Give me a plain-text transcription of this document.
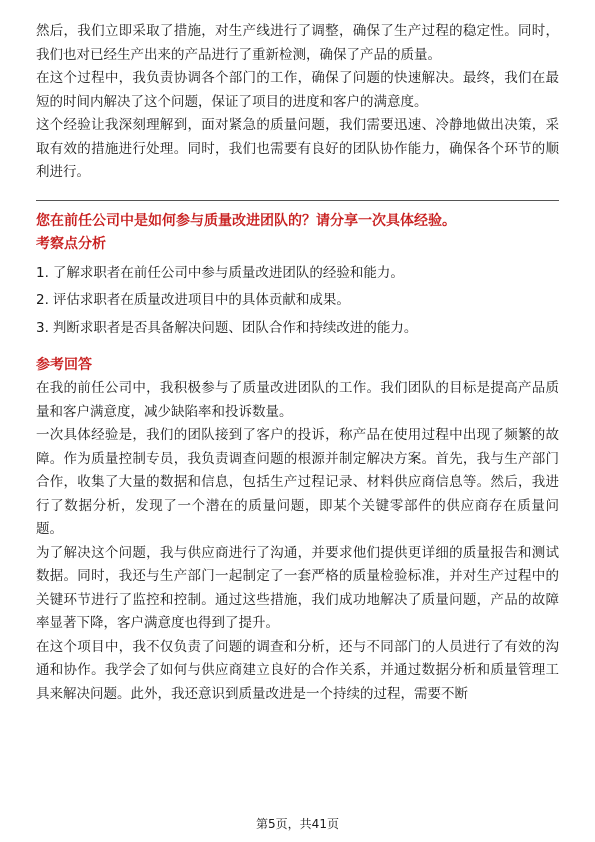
然后，我们立即采取了措施，对生产线进行了调整，确保了生产过程的稳定性。同时，我们也对已经生产出来的产品进行了重新检测，确保了产品的质量。

在这个过程中，我负责协调各个部门的工作，确保了问题的快速解决。最终，我们在最短的时间内解决了这个问题，保证了项目的进度和客户的满意度。

这个经验让我深刻理解到，面对紧急的质量问题，我们需要迅速、冷静地做出决策，采取有效的措施进行处理。同时，我们也需要有良好的团队协作能力，确保各个环节的顺利进行。

您在前任公司中是如何参与质量改进团队的？请分享一次具体经验。

考察点分析

1. 了解求职者在前任公司中参与质量改进团队的经验和能力。
2. 评估求职者在质量改进项目中的具体贡献和成果。
3. 判断求职者是否具备解决问题、团队合作和持续改进的能力。

参考回答

在我的前任公司中，我积极参与了质量改进团队的工作。我们团队的目标是提高产品质量和客户满意度，减少缺陷率和投诉数量。

一次具体经验是，我们的团队接到了客户的投诉，称产品在使用过程中出现了频繁的故障。作为质量控制专员，我负责调查问题的根源并制定解决方案。首先，我与生产部门合作，收集了大量的数据和信息，包括生产过程记录、材料供应商信息等。然后，我进行了数据分析，发现了一个潜在的质量问题，即某个关键零部件的供应商存在质量问题。

为了解决这个问题，我与供应商进行了沟通，并要求他们提供更详细的质量报告和测试数据。同时，我还与生产部门一起制定了一套严格的质量检验标准，并对生产过程中的关键环节进行了监控和控制。通过这些措施，我们成功地解决了质量问题，产品的故障率显著下降，客户满意度也得到了提升。

在这个项目中，我不仅负责了问题的调查和分析，还与不同部门的人员进行了有效的沟通和协作。我学会了如何与供应商建立良好的合作关系，并通过数据分析和质量管理工具来解决问题。此外，我还意识到质量改进是一个持续的过程，需要不断

第5页，共41页
